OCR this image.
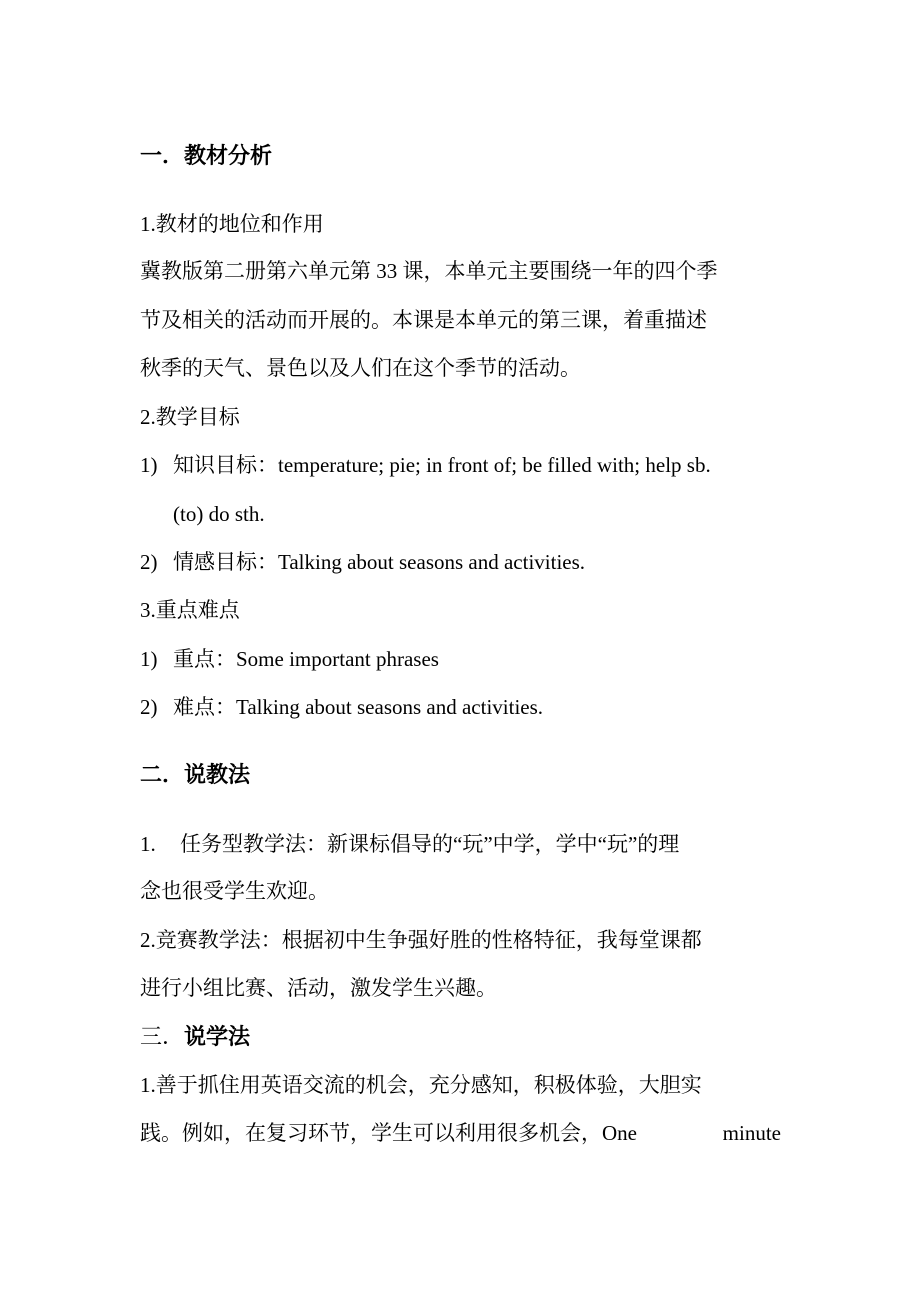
一．教材分析
1.教材的地位和作用
冀教版第二册第六单元第 33 课，本单元主要围绕一年的四个季
节及相关的活动而开展的。本课是本单元的第三课，着重描述
秋季的天气、景色以及人们在这个季节的活动。
2.教学目标
1) 知识目标：temperature; pie; in front of; be filled with; help sb.
(to) do sth.
2) 情感目标：Talking about seasons and activities.
3.重点难点
1) 重点：Some important phrases
2) 难点：Talking about seasons and activities.
二．说教法
1. 任务型教学法：新课标倡导的“玩”中学，学中“玩”的理
念也很受学生欢迎。
2.竞赛教学法：根据初中生争强好胜的性格特征，我每堂课都
进行小组比赛、活动，激发学生兴趣。
三．说学法
1.善于抓住用英语交流的机会，充分感知，积极体验，大胆实
践。例如，在复习环节，学生可以利用很多机会，One	minute
